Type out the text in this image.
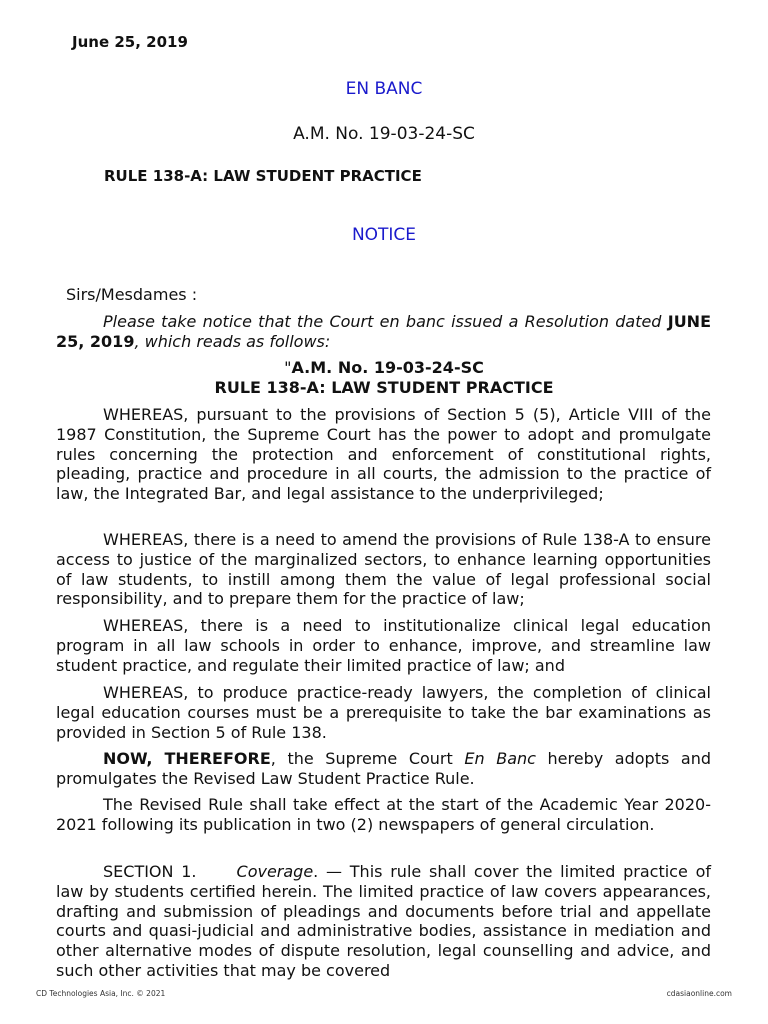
June 25, 2019
EN BANC
A.M. No. 19-03-24-SC
RULE 138-A: LAW STUDENT PRACTICE
NOTICE
Sirs/Mesdames :

Please take notice that the Court en banc issued a Resolution dated JUNE 25, 2019, which reads as follows:

"A.M. No. 19-03-24-SC
RULE 138-A: LAW STUDENT PRACTICE

WHEREAS, pursuant to the provisions of Section 5 (5), Article VIII of the 1987 Constitution, the Supreme Court has the power to adopt and promulgate rules concerning the protection and enforcement of constitutional rights, pleading, practice and procedure in all courts, the admission to the practice of law, the Integrated Bar, and legal assistance to the underprivileged;

WHEREAS, there is a need to amend the provisions of Rule 138-A to ensure access to justice of the marginalized sectors, to enhance learning opportunities of law students, to instill among them the value of legal professional social responsibility, and to prepare them for the practice of law;

WHEREAS, there is a need to institutionalize clinical legal education program in all law schools in order to enhance, improve, and streamline law student practice, and regulate their limited practice of law; and

WHEREAS, to produce practice-ready lawyers, the completion of clinical legal education courses must be a prerequisite to take the bar examinations as provided in Section 5 of Rule 138.

NOW, THEREFORE, the Supreme Court En Banc hereby adopts and promulgates the Revised Law Student Practice Rule.

The Revised Rule shall take effect at the start of the Academic Year 2020-2021 following its publication in two (2) newspapers of general circulation.

SECTION 1.	Coverage. — This rule shall cover the limited practice of law by students certified herein. The limited practice of law covers appearances, drafting and submission of pleadings and documents before trial and appellate courts and quasi-judicial and administrative bodies, assistance in mediation and other alternative modes of dispute resolution, legal counselling and advice, and such other activities that may be covered

CD Technologies Asia, Inc. © 2021	cdasiaonline.com
